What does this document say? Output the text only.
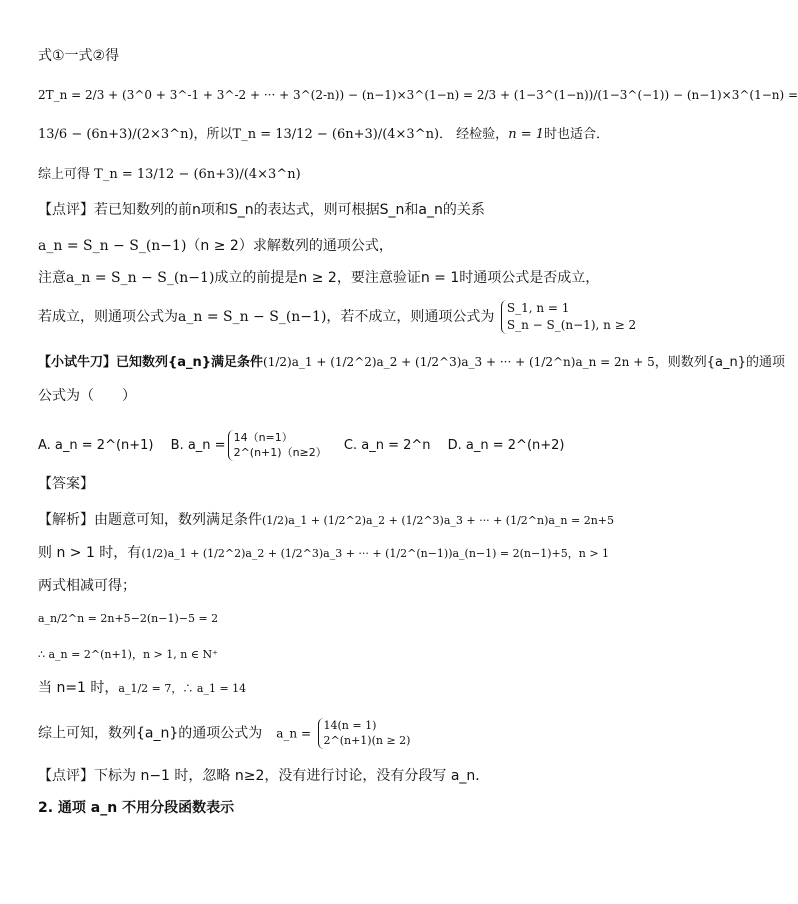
式①一式②得
2T_n = 2/3 + (3^0 + 3^-1 + 3^-2 + ··· + 3^(2-n)) − (n−1)×3^(1−n) = 2/3 + (1−3^(1−n))/(1−3^(−1)) − (n−1)×3^(1−n) =
13/6 − (6n+3)/(2×3^n)，所以T_n = 13/12 − (6n+3)/(4×3^n)． 经检验，n = 1时也适合．
综上可得 T_n = 13/12 − (6n+3)/(4×3^n)
【点评】若已知数列的前n项和S_n的表达式，则可根据S_n和a_n的关系
a_n = S_n − S_(n−1)（n ≥ 2）求解数列的通项公式，
注意a_n = S_n − S_(n−1)成立的前提是n ≥ 2，要注意验证n = 1时通项公式是否成立，
若成立，则通项公式为a_n = S_n − S_(n−1)，若不成立，则通项公式为
S_1, n = 1
S_n − S_(n−1), n ≥ 2
【小试牛刀】已知数列{a_n}满足条件(1/2)a_1 + (1/2^2)a_2 + (1/2^3)a_3 + ··· + (1/2^n)a_n = 2n + 5，则数列{a_n}的通项
公式为（　　）
A. a_n = 2^(n+1)　 B. a_n =
14（n=1）
2^(n+1)（n≥2）
　 C. a_n = 2^n　 D. a_n = 2^(n+2)
【答案】
【解析】由题意可知，数列满足条件(1/2)a_1 + (1/2^2)a_2 + (1/2^3)a_3 + ··· + (1/2^n)a_n = 2n+5
则 n > 1 时，有(1/2)a_1 + (1/2^2)a_2 + (1/2^3)a_3 + ··· + (1/2^(n−1))a_(n−1) = 2(n−1)+5，n > 1
两式相减可得；
a_n/2^n = 2n+5−2(n−1)−5 = 2
∴ a_n = 2^(n+1)，n > 1, n ∈ N⁺
当 n=1 时，a_1/2 = 7，∴ a_1 = 14
综上可知，数列{a_n}的通项公式为　 a_n =
14(n = 1)
2^(n+1)(n ≥ 2)
【点评】下标为 n−1 时，忽略 n≥2，没有进行讨论，没有分段写 a_n．
2. 通项 a_n 不用分段函数表示
